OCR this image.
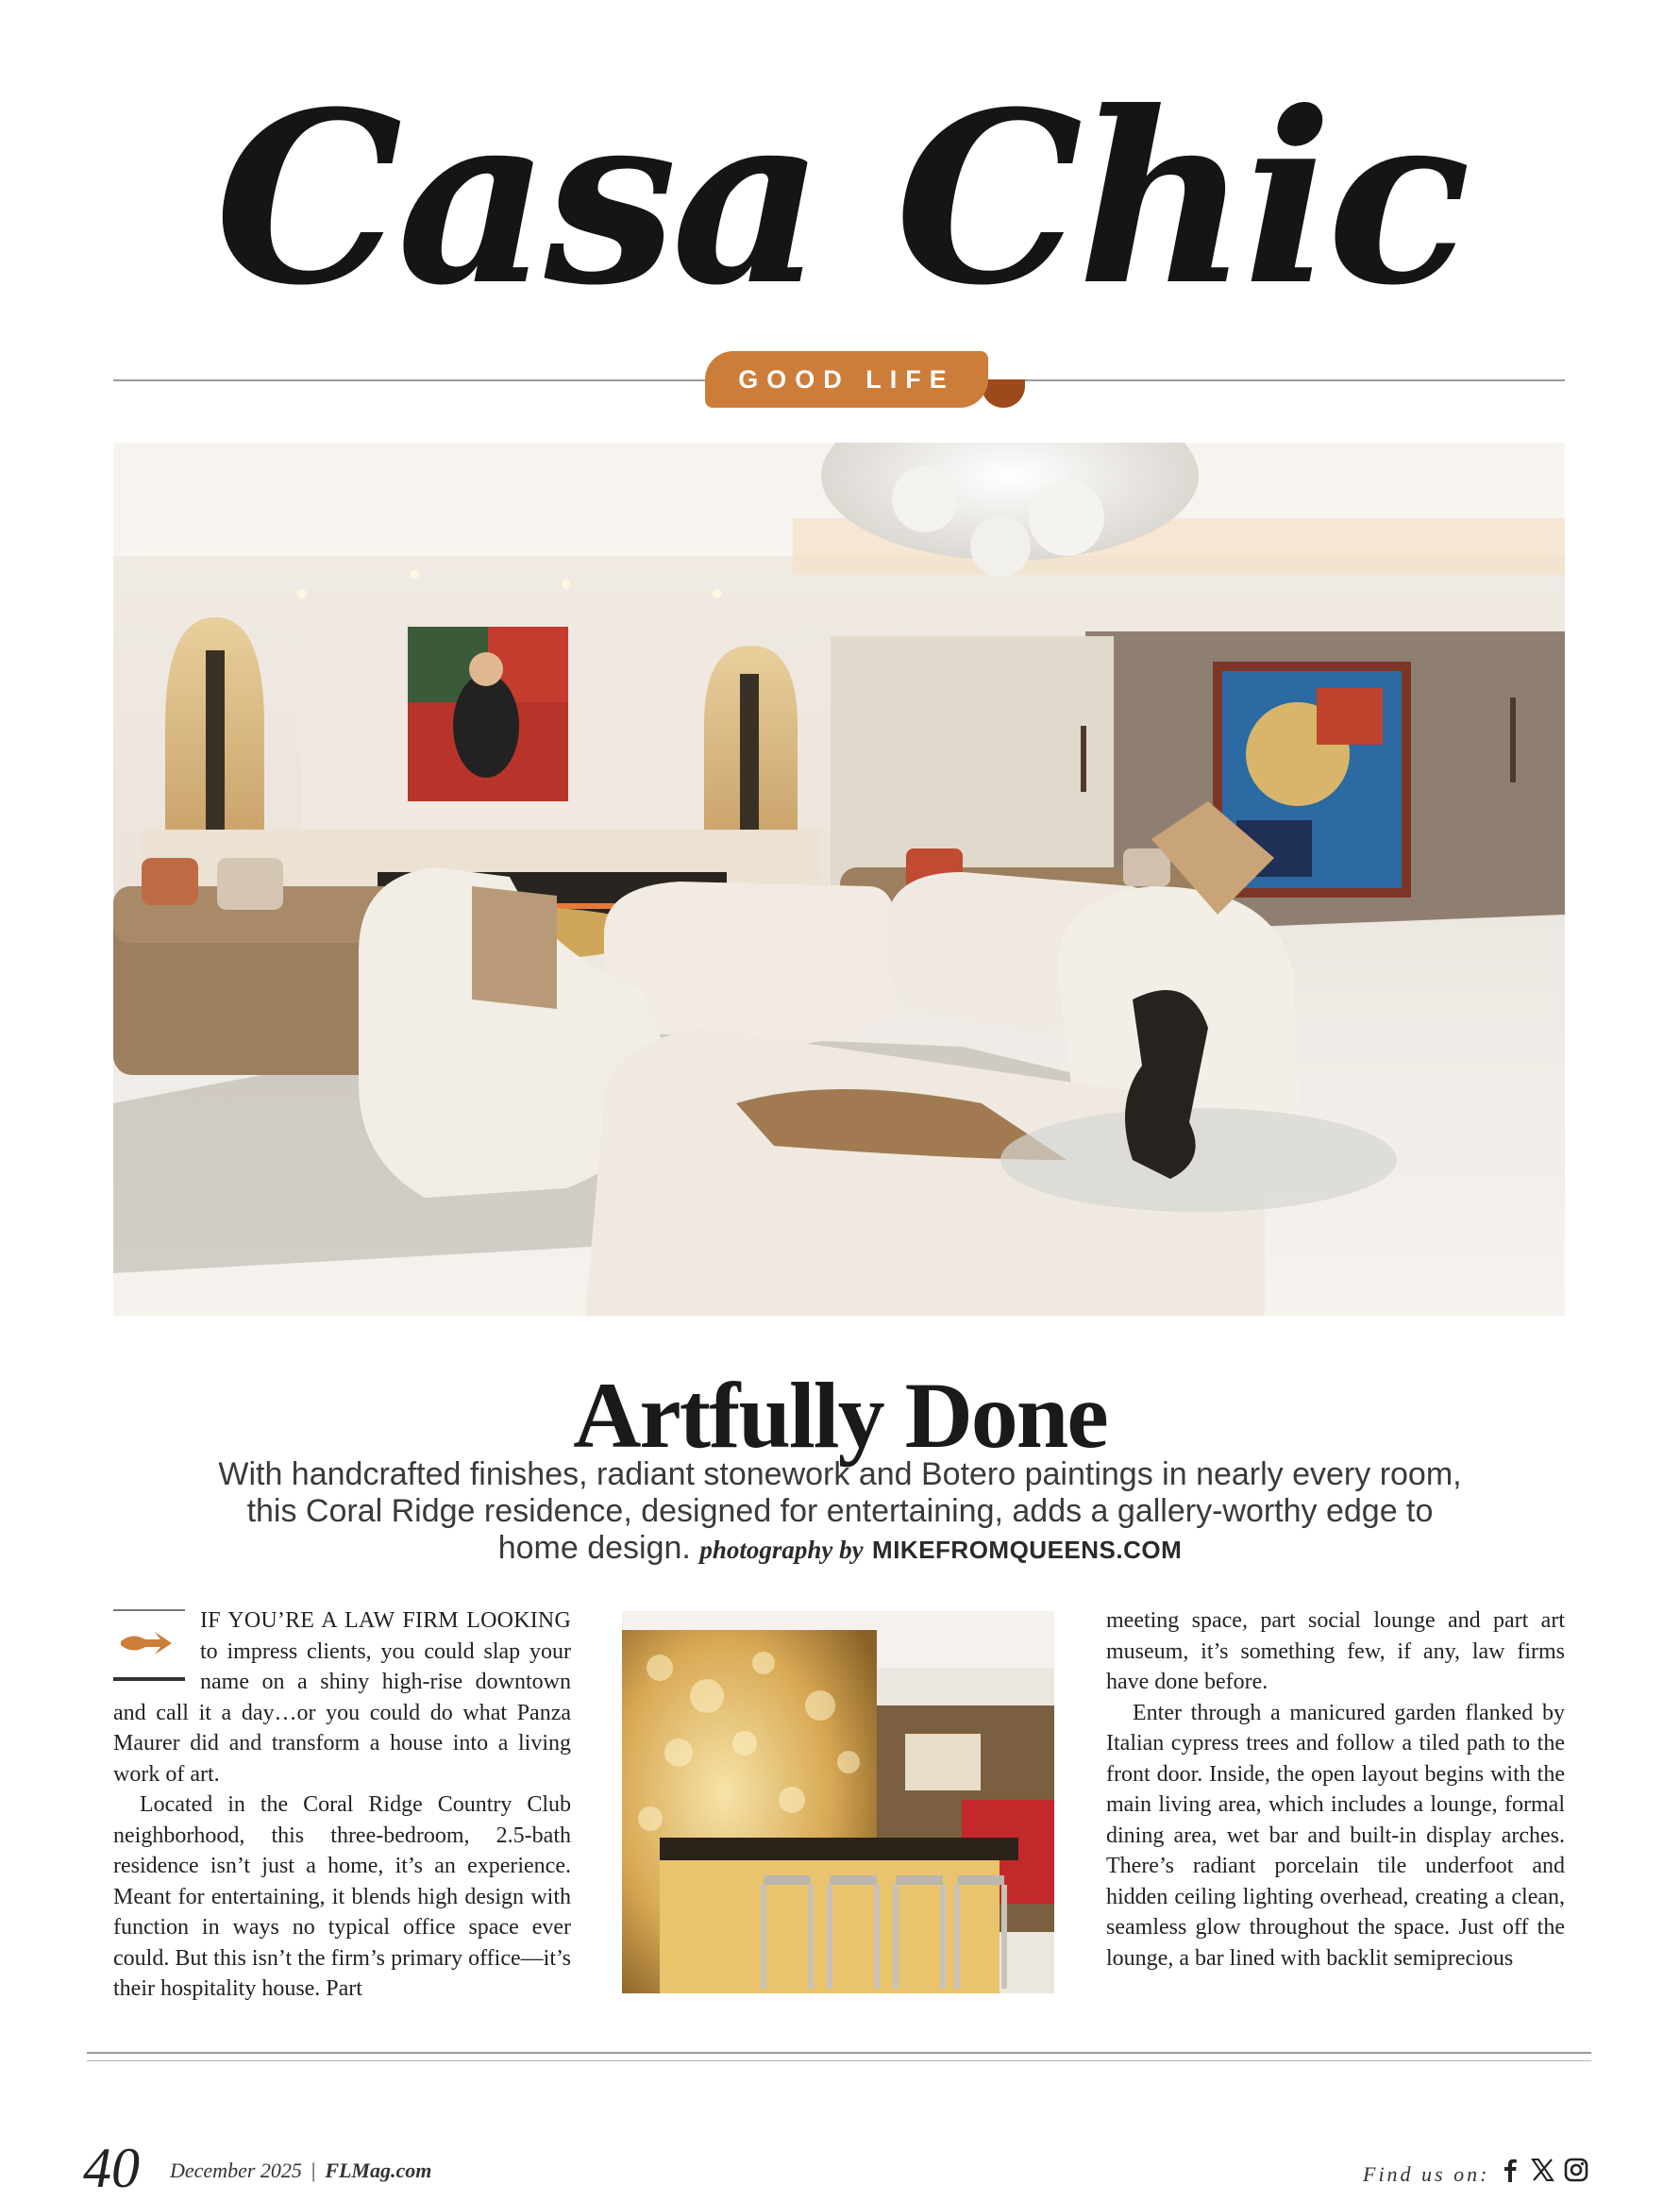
Casa Chic
GOOD LIFE
Artfully Done
With handcrafted finishes, radiant stonework and Botero paintings in nearly every room, this Coral Ridge residence, designed for entertaining, adds a gallery-worthy edge to home design. photography by MIKEFROMQUEENS.COM

IF YOU’RE A LAW FIRM LOOKING to impress clients, you could slap your name on a shiny high-rise downtown and call it a day…or you could do what Panza Maurer did and transform a house into a living work of art.

Located in the Coral Ridge Country Club neighborhood, this three-bedroom, 2.5-bath residence isn’t just a home, it’s an experience. Meant for entertaining, it blends high design with function in ways no typical office space ever could. But this isn’t the firm’s primary office—it’s their hospitality house. Part

meeting space, part social lounge and part art museum, it’s something few, if any, law firms have done before.

Enter through a manicured garden flanked by Italian cypress trees and follow a tiled path to the front door. Inside, the open layout begins with the main living area, which includes a lounge, formal dining area, wet bar and built-in display arches. There’s radiant porcelain tile underfoot and hidden ceiling lighting overhead, creating a clean, seamless glow throughout the space. Just off the lounge, a bar lined with backlit semiprecious

40 December 2025 | FLMag.com	Find us on:
